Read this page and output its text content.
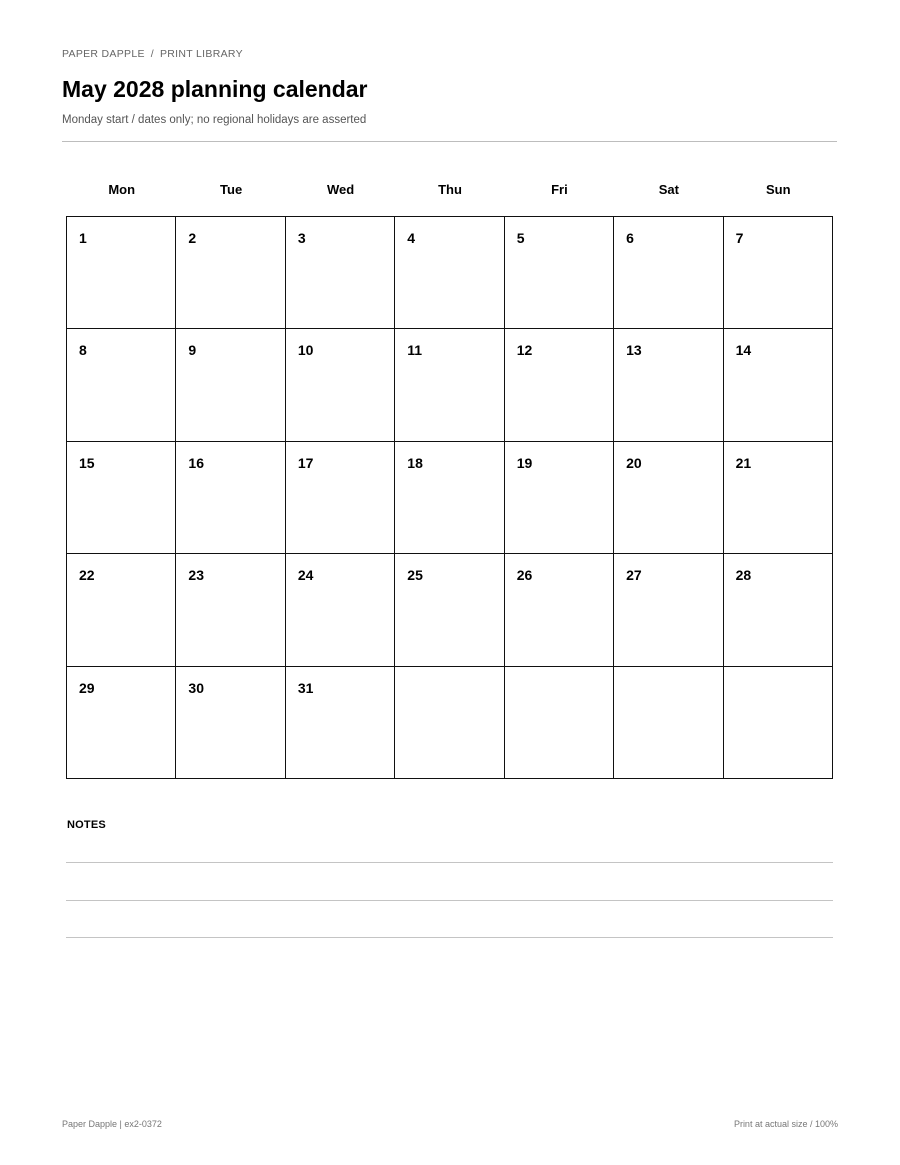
PAPER DAPPLE / PRINT LIBRARY
May 2028 planning calendar
Monday start / dates only; no regional holidays are asserted
Mon	Tue	Wed	Thu	Fri	Sat	Sun
1	2	3	4	5	6	7
8	9	10	11	12	13	14
15	16	17	18	19	20	21
22	23	24	25	26	27	28
29	30	31
NOTES
Paper Dapple | ex2-0372	Print at actual size / 100%
